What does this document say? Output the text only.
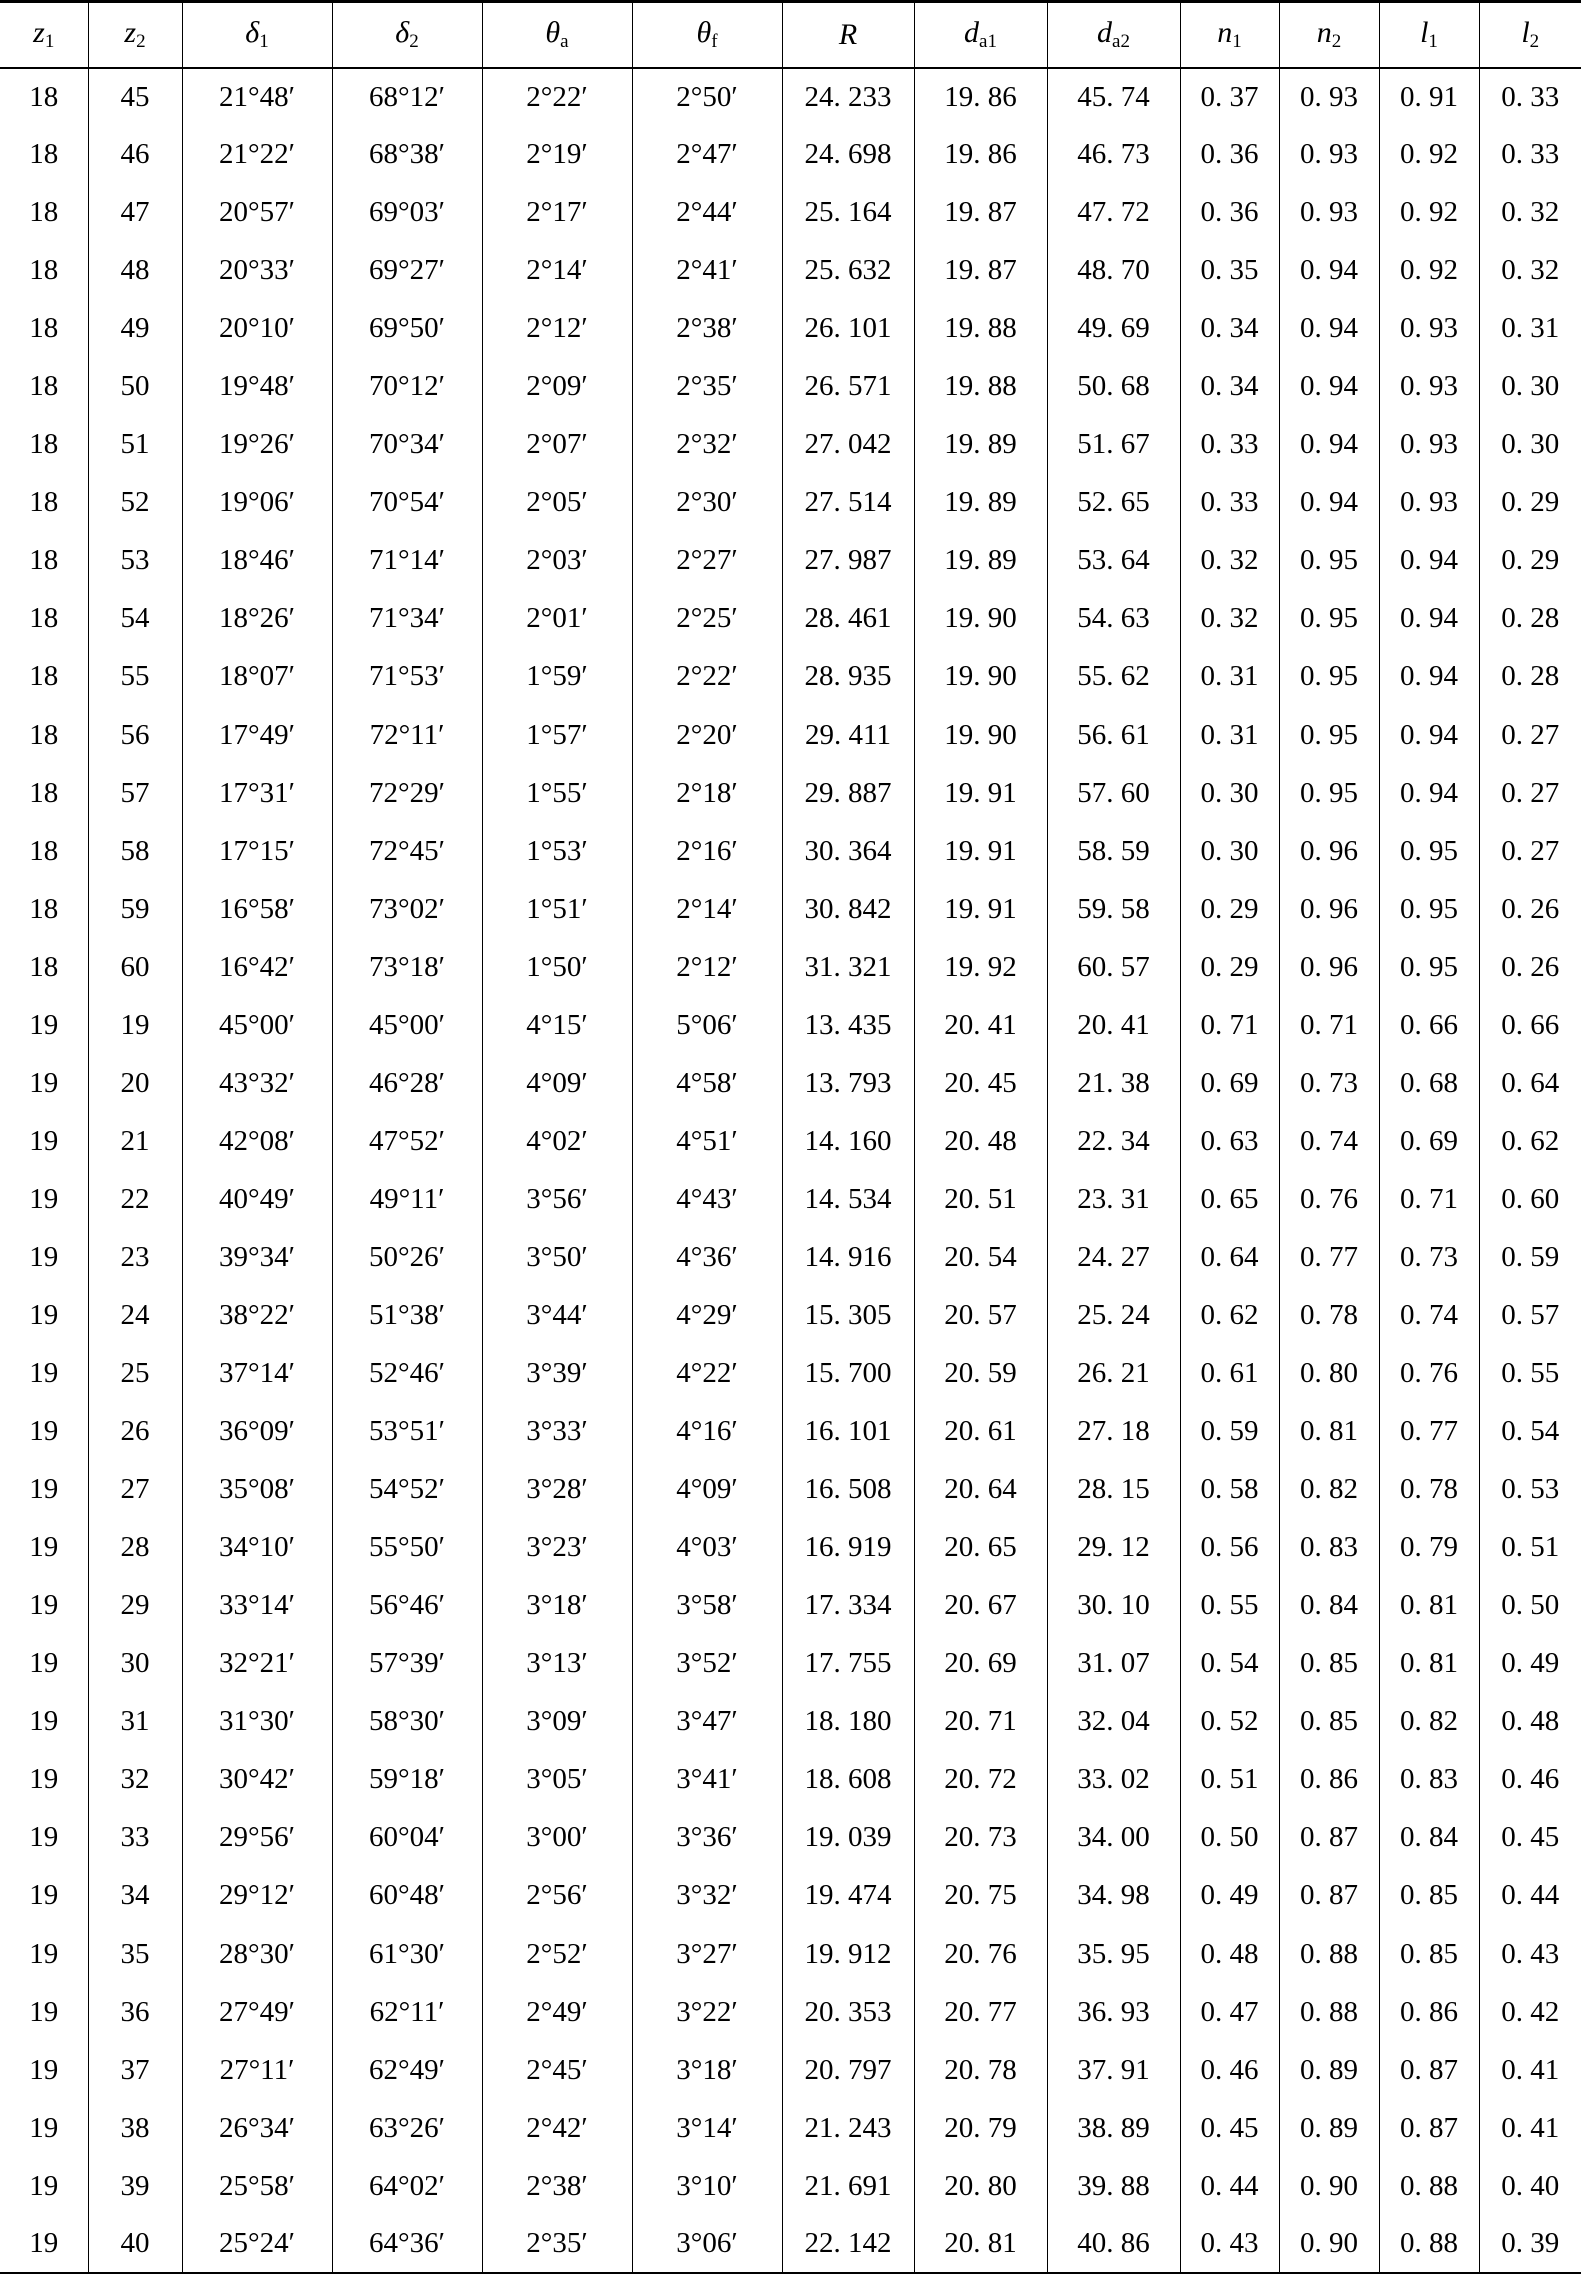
$z_1$	$z_2$	$\delta_1$	$\delta_2$	$\theta_a$	$\theta_f$	R	$d_{a1}$	$d_{a2}$	$n_1$	$n_2$	$l_1$	$l_2$
18	45	21°48′	68°12′	2°22′	2°50′	24. 233	19. 86	45. 74	0. 37	0. 93	0. 91	0. 33
18	46	21°22′	68°38′	2°19′	2°47′	24. 698	19. 86	46. 73	0. 36	0. 93	0. 92	0. 33
18	47	20°57′	69°03′	2°17′	2°44′	25. 164	19. 87	47. 72	0. 36	0. 93	0. 92	0. 32
18	48	20°33′	69°27′	2°14′	2°41′	25. 632	19. 87	48. 70	0. 35	0. 94	0. 92	0. 32
18	49	20°10′	69°50′	2°12′	2°38′	26. 101	19. 88	49. 69	0. 34	0. 94	0. 93	0. 31
18	50	19°48′	70°12′	2°09′	2°35′	26. 571	19. 88	50. 68	0. 34	0. 94	0. 93	0. 30
18	51	19°26′	70°34′	2°07′	2°32′	27. 042	19. 89	51. 67	0. 33	0. 94	0. 93	0. 30
18	52	19°06′	70°54′	2°05′	2°30′	27. 514	19. 89	52. 65	0. 33	0. 94	0. 93	0. 29
18	53	18°46′	71°14′	2°03′	2°27′	27. 987	19. 89	53. 64	0. 32	0. 95	0. 94	0. 29
18	54	18°26′	71°34′	2°01′	2°25′	28. 461	19. 90	54. 63	0. 32	0. 95	0. 94	0. 28
18	55	18°07′	71°53′	1°59′	2°22′	28. 935	19. 90	55. 62	0. 31	0. 95	0. 94	0. 28
18	56	17°49′	72°11′	1°57′	2°20′	29. 411	19. 90	56. 61	0. 31	0. 95	0. 94	0. 27
18	57	17°31′	72°29′	1°55′	2°18′	29. 887	19. 91	57. 60	0. 30	0. 95	0. 94	0. 27
18	58	17°15′	72°45′	1°53′	2°16′	30. 364	19. 91	58. 59	0. 30	0. 96	0. 95	0. 27
18	59	16°58′	73°02′	1°51′	2°14′	30. 842	19. 91	59. 58	0. 29	0. 96	0. 95	0. 26
18	60	16°42′	73°18′	1°50′	2°12′	31. 321	19. 92	60. 57	0. 29	0. 96	0. 95	0. 26
19	19	45°00′	45°00′	4°15′	5°06′	13. 435	20. 41	20. 41	0. 71	0. 71	0. 66	0. 66
19	20	43°32′	46°28′	4°09′	4°58′	13. 793	20. 45	21. 38	0. 69	0. 73	0. 68	0. 64
19	21	42°08′	47°52′	4°02′	4°51′	14. 160	20. 48	22. 34	0. 63	0. 74	0. 69	0. 62
19	22	40°49′	49°11′	3°56′	4°43′	14. 534	20. 51	23. 31	0. 65	0. 76	0. 71	0. 60
19	23	39°34′	50°26′	3°50′	4°36′	14. 916	20. 54	24. 27	0. 64	0. 77	0. 73	0. 59
19	24	38°22′	51°38′	3°44′	4°29′	15. 305	20. 57	25. 24	0. 62	0. 78	0. 74	0. 57
19	25	37°14′	52°46′	3°39′	4°22′	15. 700	20. 59	26. 21	0. 61	0. 80	0. 76	0. 55
19	26	36°09′	53°51′	3°33′	4°16′	16. 101	20. 61	27. 18	0. 59	0. 81	0. 77	0. 54
19	27	35°08′	54°52′	3°28′	4°09′	16. 508	20. 64	28. 15	0. 58	0. 82	0. 78	0. 53
19	28	34°10′	55°50′	3°23′	4°03′	16. 919	20. 65	29. 12	0. 56	0. 83	0. 79	0. 51
19	29	33°14′	56°46′	3°18′	3°58′	17. 334	20. 67	30. 10	0. 55	0. 84	0. 81	0. 50
19	30	32°21′	57°39′	3°13′	3°52′	17. 755	20. 69	31. 07	0. 54	0. 85	0. 81	0. 49
19	31	31°30′	58°30′	3°09′	3°47′	18. 180	20. 71	32. 04	0. 52	0. 85	0. 82	0. 48
19	32	30°42′	59°18′	3°05′	3°41′	18. 608	20. 72	33. 02	0. 51	0. 86	0. 83	0. 46
19	33	29°56′	60°04′	3°00′	3°36′	19. 039	20. 73	34. 00	0. 50	0. 87	0. 84	0. 45
19	34	29°12′	60°48′	2°56′	3°32′	19. 474	20. 75	34. 98	0. 49	0. 87	0. 85	0. 44
19	35	28°30′	61°30′	2°52′	3°27′	19. 912	20. 76	35. 95	0. 48	0. 88	0. 85	0. 43
19	36	27°49′	62°11′	2°49′	3°22′	20. 353	20. 77	36. 93	0. 47	0. 88	0. 86	0. 42
19	37	27°11′	62°49′	2°45′	3°18′	20. 797	20. 78	37. 91	0. 46	0. 89	0. 87	0. 41
19	38	26°34′	63°26′	2°42′	3°14′	21. 243	20. 79	38. 89	0. 45	0. 89	0. 87	0. 41
19	39	25°58′	64°02′	2°38′	3°10′	21. 691	20. 80	39. 88	0. 44	0. 90	0. 88	0. 40
19	40	25°24′	64°36′	2°35′	3°06′	22. 142	20. 81	40. 86	0. 43	0. 90	0. 88	0. 39
